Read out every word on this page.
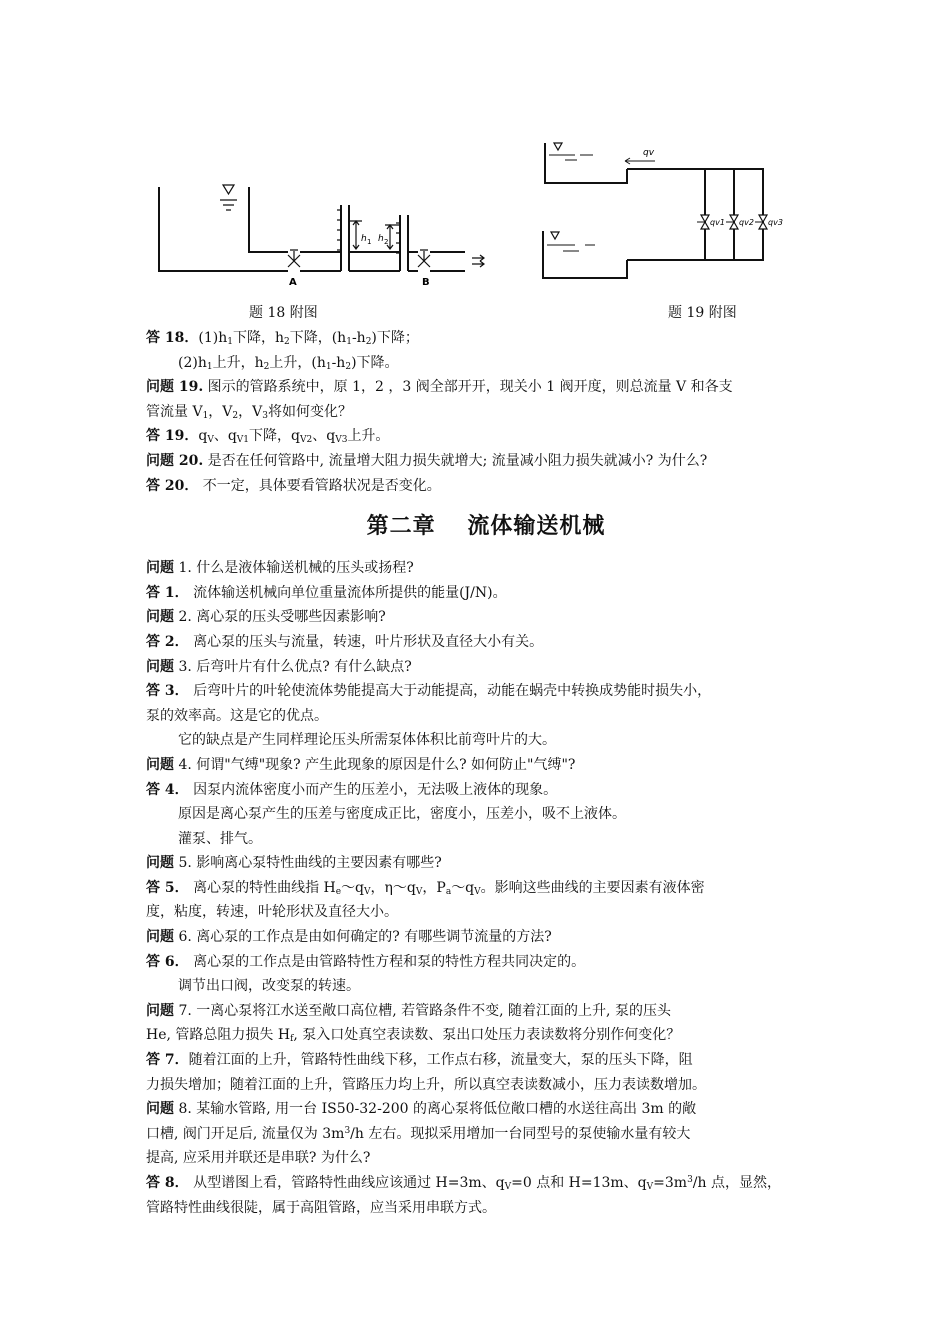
A	B
h 1 h 2
题 18 附图
qv
qv1 qv2 qv3
题 19 附图
答 18．$(1)h_1$下降，$h_2$下降，$(h_1-h_2)$下降；
$(2)h_1$上升，$h_2$上升，$(h_1-h_2)$下降。
问题 19. 图示的管路系统中，原 1，2 ，3 阀全部开开，现关小 1 阀开度，则总流量 V 和各支
管流量 $V_1$，$V_2$，$V_3$将如何变化？
答 19．$q_V$、$q_{V1}$下降，$q_{V2}$、$q_{V3}$上升。
问题 20. 是否在任何管路中, 流量增大阻力损失就增大; 流量减小阻力损失就减小? 为什么?
答 20． 不一定，具体要看管路状况是否变化。
第二章　 流体输送机械
问题 1. 什么是液体输送机械的压头或扬程?
答 1． 流体输送机械向单位重量流体所提供的能量(J/N)。
问题 2. 离心泵的压头受哪些因素影响?
答 2． 离心泵的压头与流量，转速，叶片形状及直径大小有关。
问题 3. 后弯叶片有什么优点? 有什么缺点?
答 3． 后弯叶片的叶轮使流体势能提高大于动能提高，动能在蜗壳中转换成势能时损失小，
泵的效率高。这是它的优点。
它的缺点是产生同样理论压头所需泵体体积比前弯叶片的大。
问题 4. 何谓"气缚"现象? 产生此现象的原因是什么? 如何防止"气缚"?
答 4． 因泵内流体密度小而产生的压差小，无法吸上液体的现象。
原因是离心泵产生的压差与密度成正比，密度小，压差小，吸不上液体。
灌泵、排气。
问题 5. 影响离心泵特性曲线的主要因素有哪些?
答 5． 离心泵的特性曲线指 $H_e\sim q_V$，$\eta\sim q_V$，$P_a\sim q_V$。影响这些曲线的主要因素有液体密
度，粘度，转速，叶轮形状及直径大小。
问题 6. 离心泵的工作点是由如何确定的? 有哪些调节流量的方法?
答 6． 离心泵的工作点是由管路特性方程和泵的特性方程共同决定的。
调节出口阀，改变泵的转速。
问题 7. 一离心泵将江水送至敞口高位槽, 若管路条件不变, 随着江面的上升, 泵的压头
He, 管路总阻力损失 $H_f$, 泵入口处真空表读数、泵出口处压力表读数将分别作何变化？
答 7．随着江面的上升，管路特性曲线下移，工作点右移，流量变大，泵的压头下降，阻
力损失增加；随着江面的上升，管路压力均上升，所以真空表读数减小，压力表读数增加。
问题 8. 某输水管路, 用一台 IS50-32-200 的离心泵将低位敞口槽的水送往高出 3m 的敞
口槽, 阀门开足后, 流量仅为 $3m^3/h$ 左右。现拟采用增加一台同型号的泵使输水量有较大
提高, 应采用并联还是串联? 为什么?
答 8． 从型谱图上看，管路特性曲线应该通过 H=3m、$q_V=0$ 点和 H=13m、$q_V=3m^3/h$ 点，显然，
管路特性曲线很陡，属于高阻管路，应当采用串联方式。
